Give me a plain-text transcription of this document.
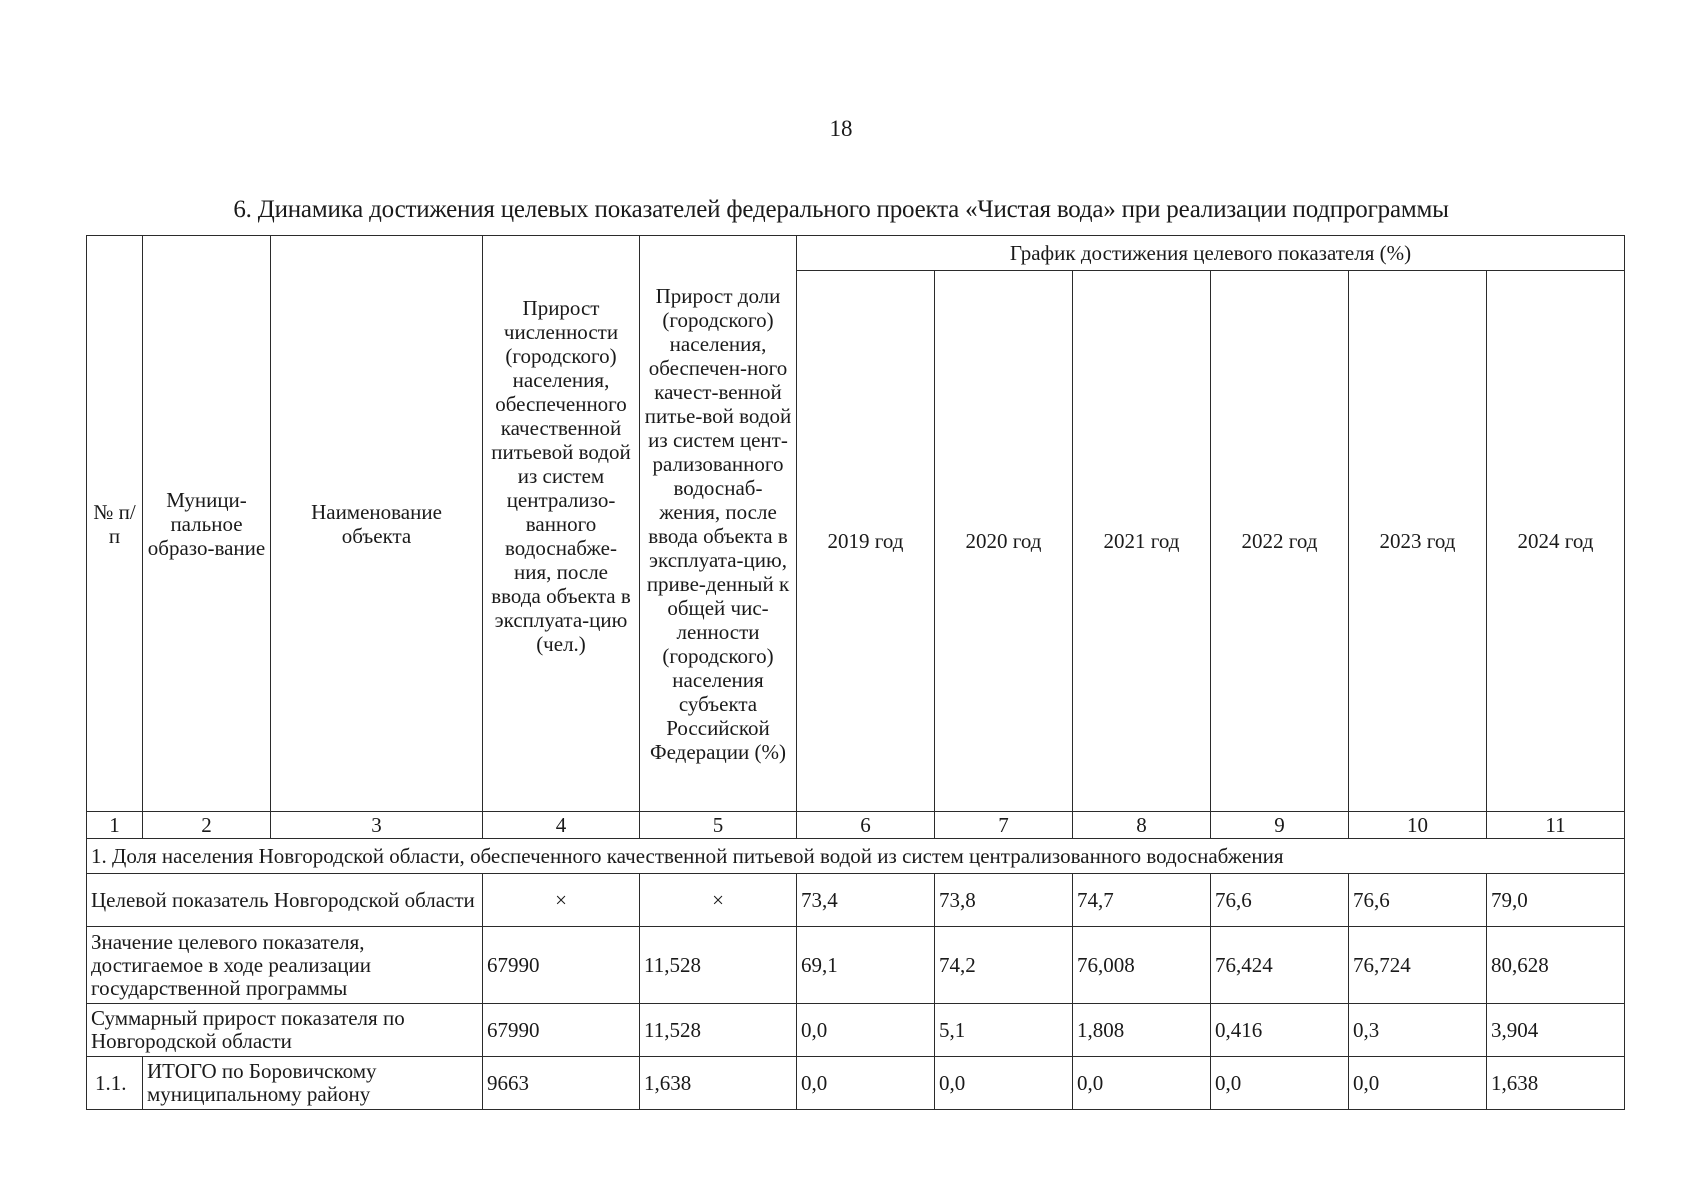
18
6. Динамика достижения целевых показателей федерального проекта «Чистая вода» при реализации подпрограммы
№ п/п	Муници-пальное образо-вание	Наименование объекта	Прирост численности (городского) населения, обеспеченного качественной питьевой водой из систем централизо-ванного водоснабже-ния, после ввода объекта в эксплуата-цию (чел.)	Прирост доли (городского) населения, обеспечен-ного качест-венной питье-вой водой из систем цент-рализованного водоснаб-жения, после ввода объекта в эксплуата-цию, приве-денный к общей чис-ленности (городского) населения субъекта Российской Федерации (%)	График достижения целевого показателя (%)					
					2019 год	2020 год	2021 год	2022 год	2023 год	2024 год
1	2	3	4	5	6	7	8	9	10	11
1. Доля населения Новгородской области, обеспеченного качественной питьевой водой из систем централизованного водоснабжения										
Целевой показатель Новгородской области			×	×	73,4	73,8	74,7	76,6	76,6	79,0
Значение целевого показателя, достигаемое в ходе реализации государственной программы			67990	11,528	69,1	74,2	76,008	76,424	76,724	80,628
Суммарный прирост показателя по Новгородской области			67990	11,528	0,0	5,1	1,808	0,416	0,3	3,904
1.1.	ИТОГО по Боровичскому муниципальному району		9663	1,638	0,0	0,0	0,0	0,0	0,0	1,638
